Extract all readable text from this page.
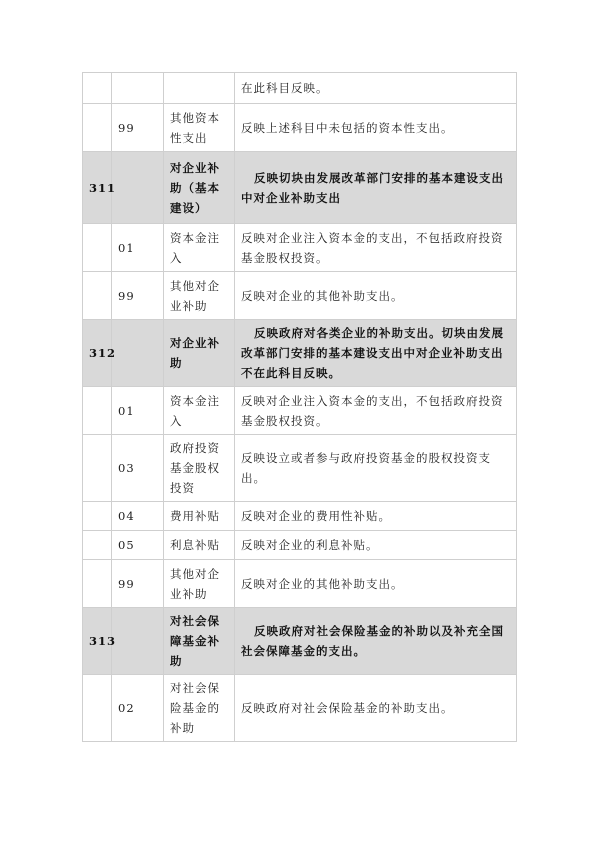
			在此科目反映。
	99	其他资本性支出	反映上述科目中未包括的资本性支出。
311		对企业补助（基本建设）	反映切块由发展改革部门安排的基本建设支出中对企业补助支出
	01	资本金注入	反映对企业注入资本金的支出，不包括政府投资基金股权投资。
	99	其他对企业补助	反映对企业的其他补助支出。
312		对企业补助	反映政府对各类企业的补助支出。切块由发展改革部门安排的基本建设支出中对企业补助支出不在此科目反映。
	01	资本金注入	反映对企业注入资本金的支出，不包括政府投资基金股权投资。
	03	政府投资基金股权投资	反映设立或者参与政府投资基金的股权投资支出。
	04	费用补贴	反映对企业的费用性补贴。
	05	利息补贴	反映对企业的利息补贴。
	99	其他对企业补助	反映对企业的其他补助支出。
313		对社会保障基金补助	反映政府对社会保险基金的补助以及补充全国社会保障基金的支出。
	02	对社会保险基金的补助	反映政府对社会保险基金的补助支出。
